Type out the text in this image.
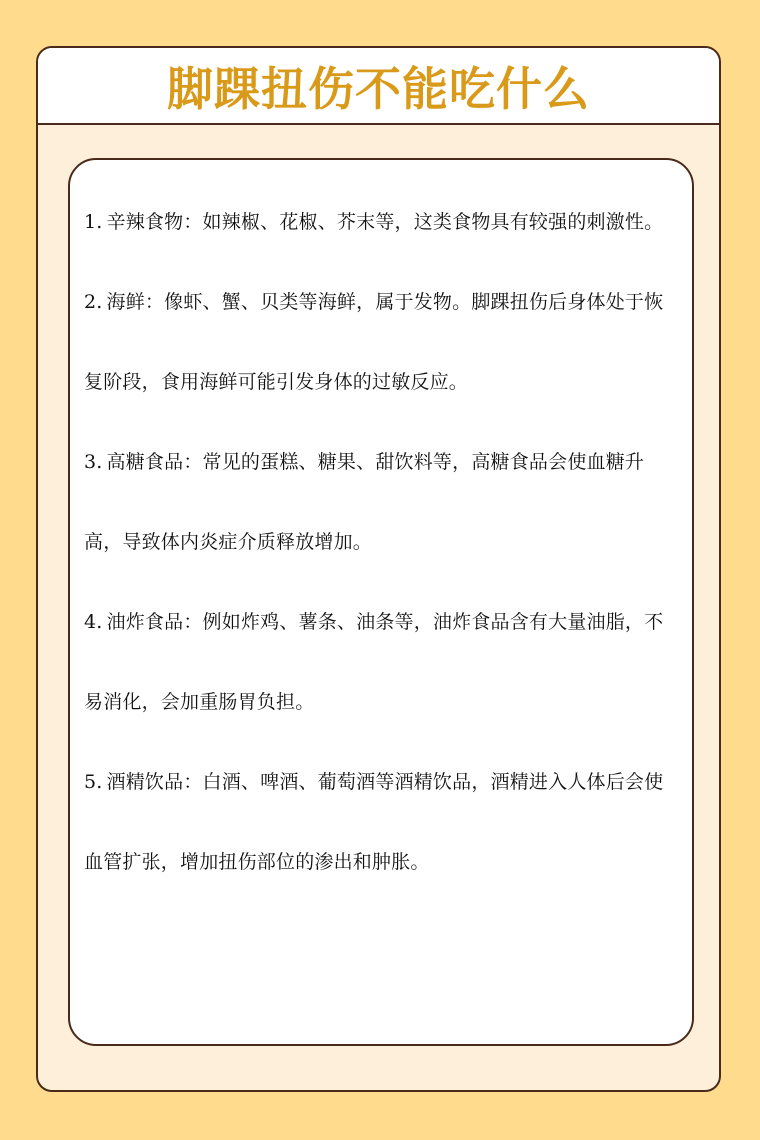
脚踝扭伤不能吃什么
1. 辛辣食物：如辣椒、花椒、芥末等，这类食物具有较强的刺激性。
2. 海鲜：像虾、蟹、贝类等海鲜，属于发物。脚踝扭伤后身体处于恢复阶段，食用海鲜可能引发身体的过敏反应。
3. 高糖食品：常见的蛋糕、糖果、甜饮料等，高糖食品会使血糖升高，导致体内炎症介质释放增加。
4. 油炸食品：例如炸鸡、薯条、油条等，油炸食品含有大量油脂，不易消化，会加重肠胃负担。
5. 酒精饮品：白酒、啤酒、葡萄酒等酒精饮品，酒精进入人体后会使血管扩张，增加扭伤部位的渗出和肿胀。
